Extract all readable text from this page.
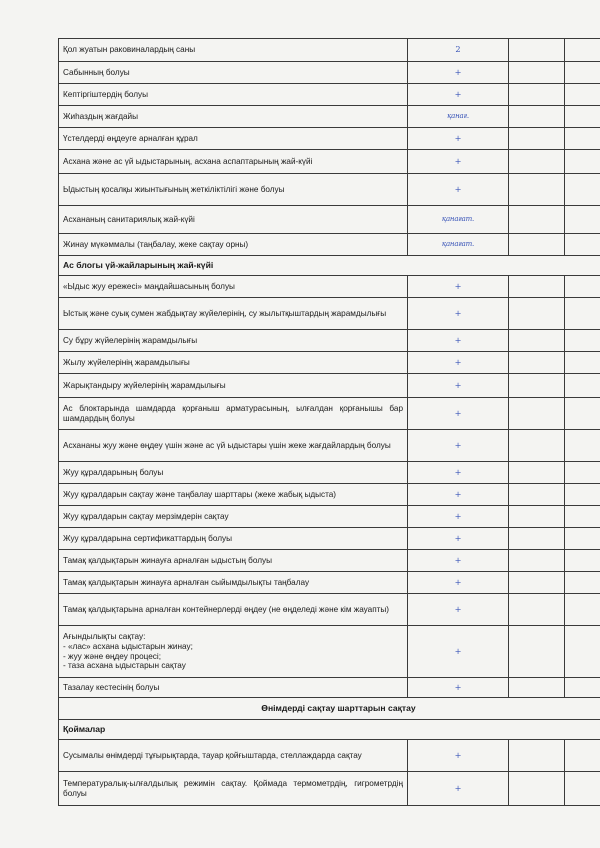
Қол жуатын раковиналардың саны	2		
Сабынның болуы	+		
Кептіргіштердің болуы	+		
Жиһаздың жағдайы	қанағ.		
Үстелдерді өңдеуге арналған құрал	+		
Асхана және ас үй ыдыстарының, асхана аспаптарының жай-күйі	+		
Ыдыстың қосалқы жиынтығының жеткіліктілігі және болуы	+		
Асхананың санитариялық жай-күйі	қанағат.		
Жинау мүкәммалы (таңбалау, жеке сақтау орны)	қанағат.		
Ас блогы үй-жайларының жай-күйі			
«Ыдыс жуу ережесі» маңдайшасының болуы	+		
Ыстық және суық сумен жабдықтау жүйелерінің, су жылытқыштардың жарамдылығы	+		
Су бұру жүйелерінің жарамдылығы	+		
Жылу жүйелерінің жарамдылығы	+		
Жарықтандыру жүйелерінің жарамдылығы	+		
Ас блоктарында шамдарда қорғаныш арматурасының, ылғалдан қорғанышы бар шамдардың болуы	+		
Асхананы жуу және өңдеу үшін және ас үй ыдыстары үшін жеке жағдайлардың болуы	+		
Жуу құралдарының болуы	+		
Жуу құралдарын сақтау және таңбалау шарттары (жеке жабық ыдыста)	+		
Жуу құралдарын сақтау мерзімдерін сақтау	+		
Жуу құралдарына сертификаттардың болуы	+		
Тамақ қалдықтарын жинауға арналған ыдыстың болуы	+		
Тамақ қалдықтарын жинауға арналған сыйымдылықты таңбалау	+		
Тамақ қалдықтарына арналған контейнерлерді өңдеу (не өңделеді және кім жауапты)	+		

Ағындылықты сақтау:
- «лас» асхана ыдыстарын жинау;
- жуу және өңдеу процесі;
- таза асхана ыдыстарын сақтау	+		
Тазалау кестесінің болуы	+		
Өнімдерді сақтау шарттарын сақтау			
Қоймалар			
Сусымалы өнімдерді тұғырықтарда, тауар қойғыштарда, стеллаждарда сақтау	+		
Температуралық-ылғалдылық режимін сақтау. Қоймада термометрдің, гигрометрдің болуы	+		
